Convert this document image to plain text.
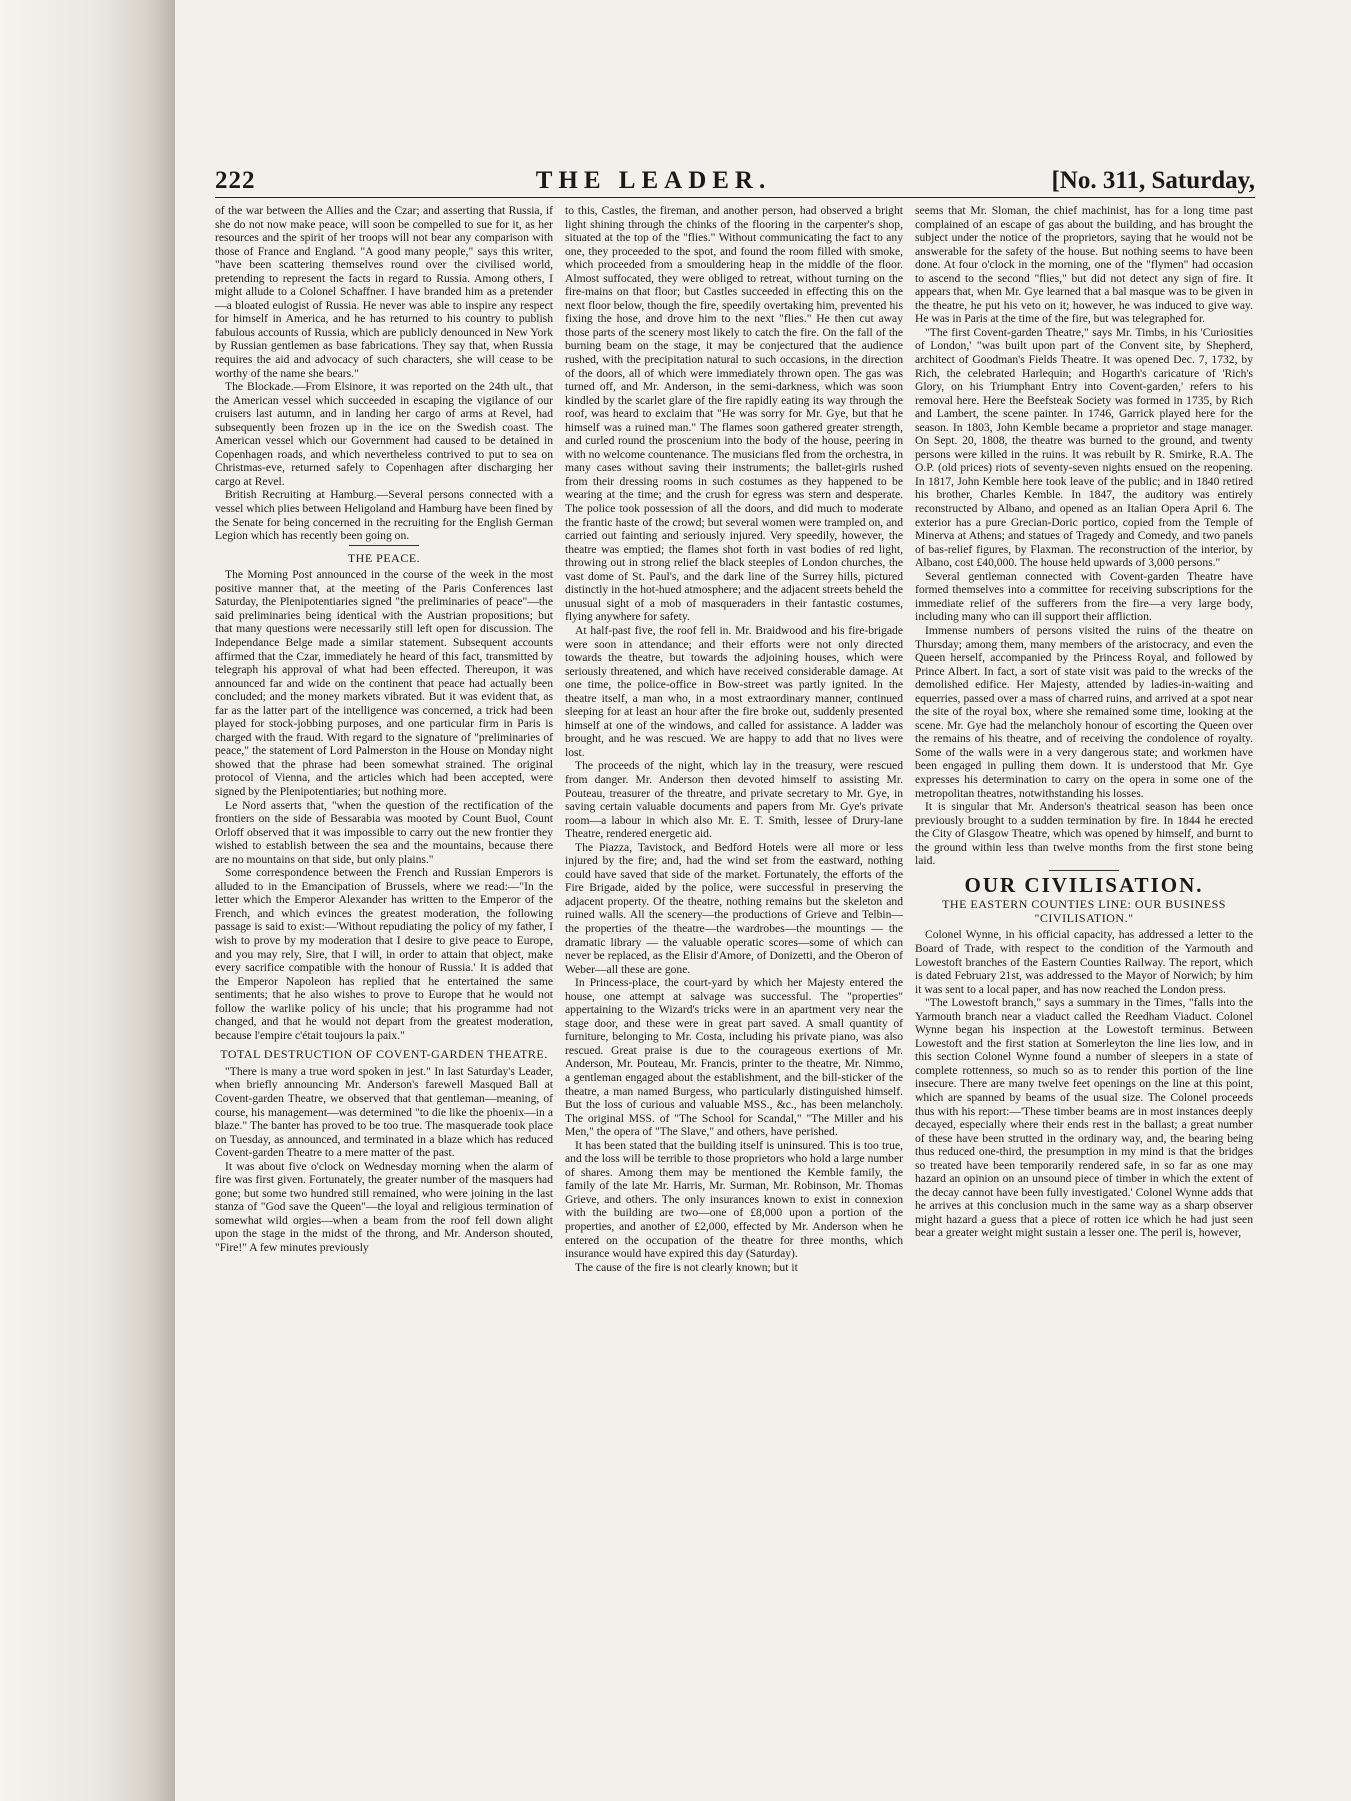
222	THE LEADER.	[No. 311, Saturday,

of the war between the Allies and the Czar; and asserting that Russia, if she do not now make peace, will soon be compelled to sue for it, as her resources and the spirit of her troops will not bear any comparison with those of France and England. "A good many people," says this writer, "have been scattering themselves round over the civilised world, pretending to represent the facts in regard to Russia. Among others, I might allude to a Colonel Schaffner. I have branded him as a pretender—a bloated eulogist of Russia. He never was able to inspire any respect for himself in America, and he has returned to his country to publish fabulous accounts of Russia, which are publicly denounced in New York by Russian gentlemen as base fabrications. They say that, when Russia requires the aid and advocacy of such characters, she will cease to be worthy of the name she bears."

The Blockade.—From Elsinore, it was reported on the 24th ult., that the American vessel which succeeded in escaping the vigilance of our cruisers last autumn, and in landing her cargo of arms at Revel, had subsequently been frozen up in the ice on the Swedish coast. The American vessel which our Government had caused to be detained in Copenhagen roads, and which nevertheless contrived to put to sea on Christmas-eve, returned safely to Copenhagen after discharging her cargo at Revel.

British Recruiting at Hamburg.—Several persons connected with a vessel which plies between Heligoland and Hamburg have been fined by the Senate for being concerned in the recruiting for the English German Legion which has recently been going on.

THE PEACE.

The Morning Post announced in the course of the week in the most positive manner that, at the meeting of the Paris Conferences last Saturday, the Plenipotentiaries signed "the preliminaries of peace"—the said preliminaries being identical with the Austrian propositions; but that many questions were necessarily still left open for discussion. The Independance Belge made a similar statement. Subsequent accounts affirmed that the Czar, immediately he heard of this fact, transmitted by telegraph his approval of what had been effected. Thereupon, it was announced far and wide on the continent that peace had actually been concluded; and the money markets vibrated. But it was evident that, as far as the latter part of the intelligence was concerned, a trick had been played for stock-jobbing purposes, and one particular firm in Paris is charged with the fraud. With regard to the signature of "preliminaries of peace," the statement of Lord Palmerston in the House on Monday night showed that the phrase had been somewhat strained. The original protocol of Vienna, and the articles which had been accepted, were signed by the Plenipotentiaries; but nothing more.

Le Nord asserts that, "when the question of the rectification of the frontiers on the side of Bessarabia was mooted by Count Buol, Count Orloff observed that it was impossible to carry out the new frontier they wished to establish between the sea and the mountains, because there are no mountains on that side, but only plains."

Some correspondence between the French and Russian Emperors is alluded to in the Emancipation of Brussels, where we read:—"In the letter which the Emperor Alexander has written to the Emperor of the French, and which evinces the greatest moderation, the following passage is said to exist:—'Without repudiating the policy of my father, I wish to prove by my moderation that I desire to give peace to Europe, and you may rely, Sire, that I will, in order to attain that object, make every sacrifice compatible with the honour of Russia.' It is added that the Emperor Napoleon has replied that he entertained the same sentiments; that he also wishes to prove to Europe that he would not follow the warlike policy of his uncle; that his programme had not changed, and that he would not depart from the greatest moderation, because l'empire c'était toujours la paix."

TOTAL DESTRUCTION OF COVENT-GARDEN THEATRE.

"There is many a true word spoken in jest." In last Saturday's Leader, when briefly announcing Mr. Anderson's farewell Masqued Ball at Covent-garden Theatre, we observed that that gentleman—meaning, of course, his management—was determined "to die like the phoenix—in a blaze." The banter has proved to be too true. The masquerade took place on Tuesday, as announced, and terminated in a blaze which has reduced Covent-garden Theatre to a mere matter of the past.

It was about five o'clock on Wednesday morning when the alarm of fire was first given. Fortunately, the greater number of the masquers had gone; but some two hundred still remained, who were joining in the last stanza of "God save the Queen"—the loyal and religious termination of somewhat wild orgies—when a beam from the roof fell down alight upon the stage in the midst of the throng, and Mr. Anderson shouted, "Fire!" A few minutes previously

to this, Castles, the fireman, and another person, had observed a bright light shining through the chinks of the flooring in the carpenter's shop, situated at the top of the "flies." Without communicating the fact to any one, they proceeded to the spot, and found the room filled with smoke, which proceeded from a smouldering heap in the middle of the floor. Almost suffocated, they were obliged to retreat, without turning on the fire-mains on that floor; but Castles succeeded in effecting this on the next floor below, though the fire, speedily overtaking him, prevented his fixing the hose, and drove him to the next "flies." He then cut away those parts of the scenery most likely to catch the fire. On the fall of the burning beam on the stage, it may be conjectured that the audience rushed, with the precipitation natural to such occasions, in the direction of the doors, all of which were immediately thrown open. The gas was turned off, and Mr. Anderson, in the semi-darkness, which was soon kindled by the scarlet glare of the fire rapidly eating its way through the roof, was heard to exclaim that "He was sorry for Mr. Gye, but that he himself was a ruined man." The flames soon gathered greater strength, and curled round the proscenium into the body of the house, peering in with no welcome countenance. The musicians fled from the orchestra, in many cases without saving their instruments; the ballet-girls rushed from their dressing rooms in such costumes as they happened to be wearing at the time; and the crush for egress was stern and desperate. The police took possession of all the doors, and did much to moderate the frantic haste of the crowd; but several women were trampled on, and carried out fainting and seriously injured. Very speedily, however, the theatre was emptied; the flames shot forth in vast bodies of red light, throwing out in strong relief the black steeples of London churches, the vast dome of St. Paul's, and the dark line of the Surrey hills, pictured distinctly in the hot-hued atmosphere; and the adjacent streets beheld the unusual sight of a mob of masqueraders in their fantastic costumes, flying anywhere for safety.

At half-past five, the roof fell in. Mr. Braidwood and his fire-brigade were soon in attendance; and their efforts were not only directed towards the theatre, but towards the adjoining houses, which were seriously threatened, and which have received considerable damage. At one time, the police-office in Bow-street was partly ignited. In the theatre itself, a man who, in a most extraordinary manner, continued sleeping for at least an hour after the fire broke out, suddenly presented himself at one of the windows, and called for assistance. A ladder was brought, and he was rescued. We are happy to add that no lives were lost.

The proceeds of the night, which lay in the treasury, were rescued from danger. Mr. Anderson then devoted himself to assisting Mr. Pouteau, treasurer of the threatre, and private secretary to Mr. Gye, in saving certain valuable documents and papers from Mr. Gye's private room—a labour in which also Mr. E. T. Smith, lessee of Drury-lane Theatre, rendered energetic aid.

The Piazza, Tavistock, and Bedford Hotels were all more or less injured by the fire; and, had the wind set from the eastward, nothing could have saved that side of the market. Fortunately, the efforts of the Fire Brigade, aided by the police, were successful in preserving the adjacent property. Of the theatre, nothing remains but the skeleton and ruined walls. All the scenery—the productions of Grieve and Telbin—the properties of the theatre—the wardrobes—the mountings — the dramatic library — the valuable operatic scores—some of which can never be replaced, as the Elisir d'Amore, of Donizetti, and the Oberon of Weber—all these are gone.

In Princess-place, the court-yard by which her Majesty entered the house, one attempt at salvage was successful. The "properties" appertaining to the Wizard's tricks were in an apartment very near the stage door, and these were in great part saved. A small quantity of furniture, belonging to Mr. Costa, including his private piano, was also rescued. Great praise is due to the courageous exertions of Mr. Anderson, Mr. Pouteau, Mr. Francis, printer to the theatre, Mr. Nimmo, a gentleman engaged about the establishment, and the bill-sticker of the theatre, a man named Burgess, who particularly distinguished himself. But the loss of curious and valuable MSS., &c., has been melancholy. The original MSS. of "The School for Scandal," "The Miller and his Men," the opera of "The Slave," and others, have perished.

It has been stated that the building itself is uninsured. This is too true, and the loss will be terrible to those proprietors who hold a large number of shares. Among them may be mentioned the Kemble family, the family of the late Mr. Harris, Mr. Surman, Mr. Robinson, Mr. Thomas Grieve, and others. The only insurances known to exist in connexion with the building are two—one of £8,000 upon a portion of the properties, and another of £2,000, effected by Mr. Anderson when he entered on the occupation of the theatre for three months, which insurance would have expired this day (Saturday).

The cause of the fire is not clearly known; but it

seems that Mr. Sloman, the chief machinist, has for a long time past complained of an escape of gas about the building, and has brought the subject under the notice of the proprietors, saying that he would not be answerable for the safety of the house. But nothing seems to have been done. At four o'clock in the morning, one of the "flymen" had occasion to ascend to the second "flies," but did not detect any sign of fire. It appears that, when Mr. Gye learned that a bal masque was to be given in the theatre, he put his veto on it; however, he was induced to give way. He was in Paris at the time of the fire, but was telegraphed for.

"The first Covent-garden Theatre," says Mr. Timbs, in his 'Curiosities of London,' "was built upon part of the Convent site, by Shepherd, architect of Goodman's Fields Theatre. It was opened Dec. 7, 1732, by Rich, the celebrated Harlequin; and Hogarth's caricature of 'Rich's Glory, on his Triumphant Entry into Covent-garden,' refers to his removal here. Here the Beefsteak Society was formed in 1735, by Rich and Lambert, the scene painter. In 1746, Garrick played here for the season. In 1803, John Kemble became a proprietor and stage manager. On Sept. 20, 1808, the theatre was burned to the ground, and twenty persons were killed in the ruins. It was rebuilt by R. Smirke, R.A. The O.P. (old prices) riots of seventy-seven nights ensued on the reopening. In 1817, John Kemble here took leave of the public; and in 1840 retired his brother, Charles Kemble. In 1847, the auditory was entirely reconstructed by Albano, and opened as an Italian Opera April 6. The exterior has a pure Grecian-Doric portico, copied from the Temple of Minerva at Athens; and statues of Tragedy and Comedy, and two panels of bas-relief figures, by Flaxman. The reconstruction of the interior, by Albano, cost £40,000. The house held upwards of 3,000 persons."

Several gentleman connected with Covent-garden Theatre have formed themselves into a committee for receiving subscriptions for the immediate relief of the sufferers from the fire—a very large body, including many who can ill support their affliction.

Immense numbers of persons visited the ruins of the theatre on Thursday; among them, many members of the aristocracy, and even the Queen herself, accompanied by the Princess Royal, and followed by Prince Albert. In fact, a sort of state visit was paid to the wrecks of the demolished edifice. Her Majesty, attended by ladies-in-waiting and equerries, passed over a mass of charred ruins, and arrived at a spot near the site of the royal box, where she remained some time, looking at the scene. Mr. Gye had the melancholy honour of escorting the Queen over the remains of his theatre, and of receiving the condolence of royalty. Some of the walls were in a very dangerous state; and workmen have been engaged in pulling them down. It is understood that Mr. Gye expresses his determination to carry on the opera in some one of the metropolitan theatres, notwithstanding his losses.

It is singular that Mr. Anderson's theatrical season has been once previously brought to a sudden termination by fire. In 1844 he erected the City of Glasgow Theatre, which was opened by himself, and burnt to the ground within less than twelve months from the first stone being laid.

OUR CIVILISATION.
THE EASTERN COUNTIES LINE: OUR BUSINESS "CIVILISATION."

Colonel Wynne, in his official capacity, has addressed a letter to the Board of Trade, with respect to the condition of the Yarmouth and Lowestoft branches of the Eastern Counties Railway. The report, which is dated February 21st, was addressed to the Mayor of Norwich; by him it was sent to a local paper, and has now reached the London press.

"The Lowestoft branch," says a summary in the Times, "falls into the Yarmouth branch near a viaduct called the Reedham Viaduct. Colonel Wynne began his inspection at the Lowestoft terminus. Between Lowestoft and the first station at Somerleyton the line lies low, and in this section Colonel Wynne found a number of sleepers in a state of complete rottenness, so much so as to render this portion of the line insecure. There are many twelve feet openings on the line at this point, which are spanned by beams of the usual size. The Colonel proceeds thus with his report:—'These timber beams are in most instances deeply decayed, especially where their ends rest in the ballast; a great number of these have been strutted in the ordinary way, and, the bearing being thus reduced one-third, the presumption in my mind is that the bridges so treated have been temporarily rendered safe, in so far as one may hazard an opinion on an unsound piece of timber in which the extent of the decay cannot have been fully investigated.' Colonel Wynne adds that he arrives at this conclusion much in the same way as a sharp observer might hazard a guess that a piece of rotten ice which he had just seen bear a greater weight might sustain a lesser one. The peril is, however,
